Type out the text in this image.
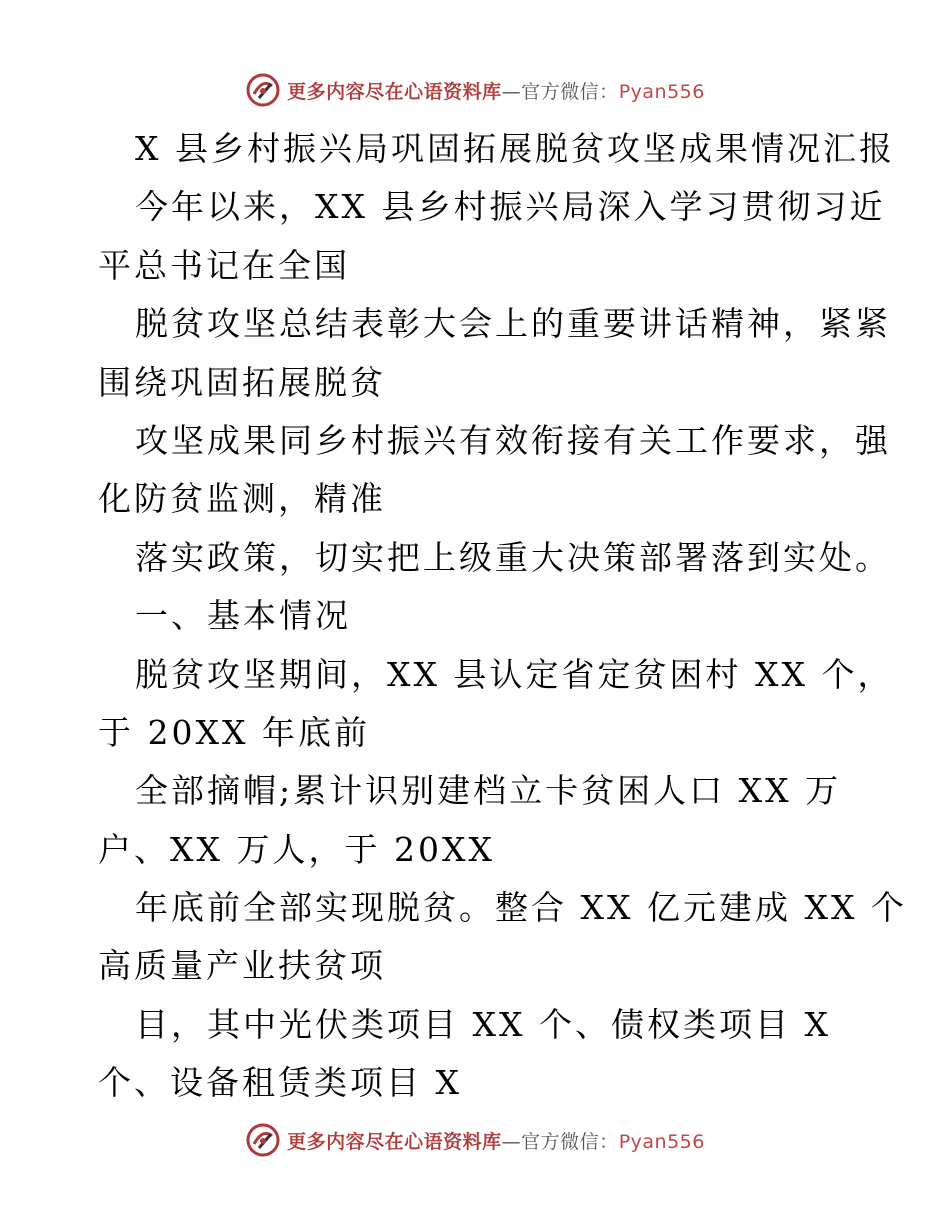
更多内容尽在心语资料库—官方微信：Pyan556
X 县乡村振兴局巩固拓展脱贫攻坚成果情况汇报
今年以来，XX 县乡村振兴局深入学习贯彻习近
平总书记在全国
脱贫攻坚总结表彰大会上的重要讲话精神，紧紧
围绕巩固拓展脱贫
攻坚成果同乡村振兴有效衔接有关工作要求，强
化防贫监测，精准
落实政策，切实把上级重大决策部署落到实处。
一、基本情况
脱贫攻坚期间，XX 县认定省定贫困村 XX 个，
于 20XX 年底前
全部摘帽;累计识别建档立卡贫困人口 XX 万
户、XX 万人，于 20XX
年底前全部实现脱贫。整合 XX 亿元建成 XX 个
高质量产业扶贫项
目，其中光伏类项目 XX 个、债权类项目 X
个、设备租赁类项目 X
更多内容尽在心语资料库—官方微信：Pyan556
